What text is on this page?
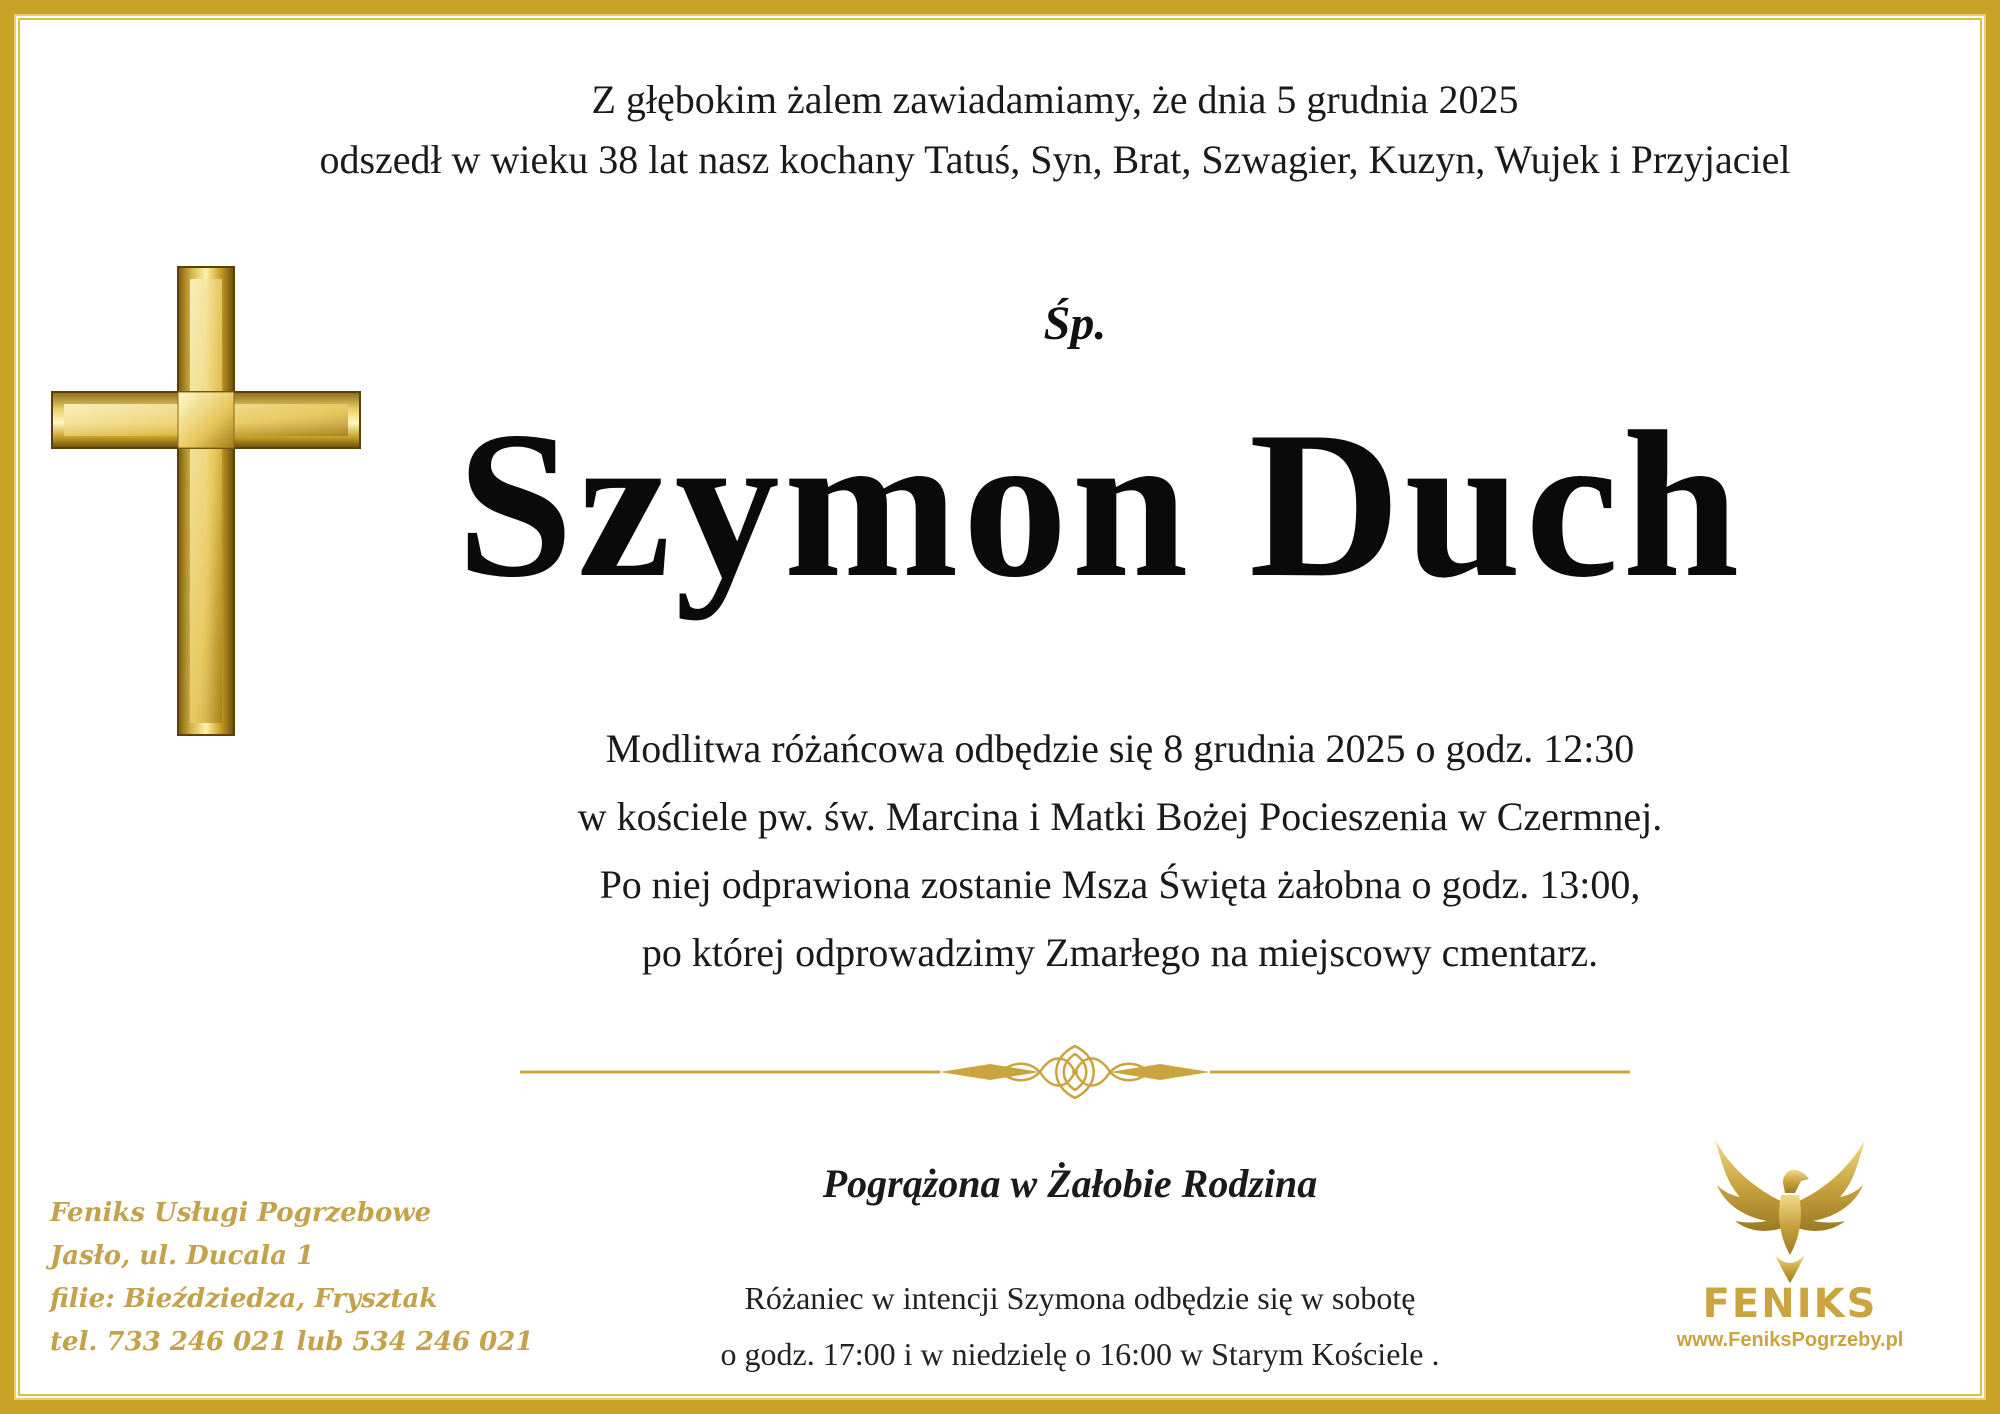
Z głębokim żalem zawiadamiamy, że dnia 5 grudnia 2025
odszedł w wieku 38 lat nasz kochany Tatuś, Syn, Brat, Szwagier, Kuzyn, Wujek i Przyjaciel
Śp.
Szymon Duch
Modlitwa różańcowa odbędzie się 8 grudnia 2025 o godz. 12:30
w kościele pw. św. Marcina i Matki Bożej Pocieszenia w Czermnej.
Po niej odprawiona zostanie Msza Święta żałobna o godz. 13:00,
po której odprowadzimy Zmarłego na miejscowy cmentarz.
Pogrążona w Żałobie Rodzina
Różaniec w intencji Szymona odbędzie się w sobotę
o godz. 17:00 i w niedzielę o 16:00 w Starym Kościele .
Feniks Usługi Pogrzebowe
Jasło, ul. Ducala 1
filie: Bieździedza, Frysztak
tel. 733 246 021 lub 534 246 021
FENIKS
www.FeniksPogrzeby.pl
